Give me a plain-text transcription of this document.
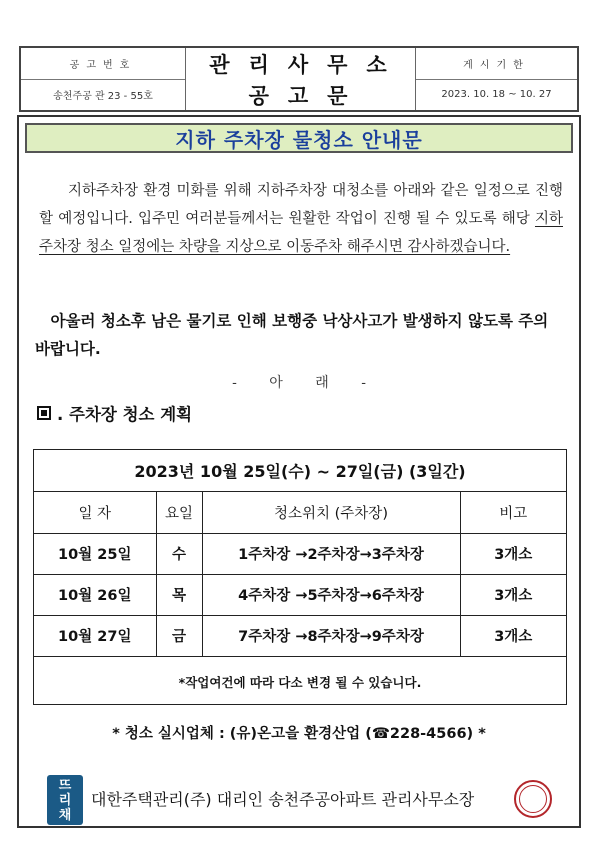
공고번호
송천주공 관 23 - 55호
관리사무소
공고문
게시기한
2023. 10. 18 ~ 10. 27
지하 주차장 물청소 안내문
지하주차장 환경 미화를 위해 지하주차장 대청소를 아래와 같은 일정으로 진행할 예정입니다. 입주민 여러분들께서는 원활한 작업이 진행 될 수 있도록 해당 지하주차장 청소 일정에는 차량을 지상으로 이동주차 해주시면 감사하겠습니다.
아울러 청소후 남은 물기로 인해 보행중 낙상사고가 발생하지 않도록 주의 바랍니다.
- 아 래 -
. 주차장 청소 계획
2023년 10월 25일(수) ~ 27일(금) (3일간)
일 자	요일	청소위치 (주차장)	비고
10월 25일	수	1주차장 →2주차장→3주차장	3개소
10월 26일	목	4주차장 →5주차장→6주차장	3개소
10월 27일	금	7주차장 →8주차장→9주차장	3개소
*작업여건에 따라 다소 변경 될 수 있습니다.
* 청소 실시업체 : (유)온고을 환경산업 (☎228-4566) *
뜨
리
채
대한주택관리(주) 대리인 송천주공아파트 관리사무소장
